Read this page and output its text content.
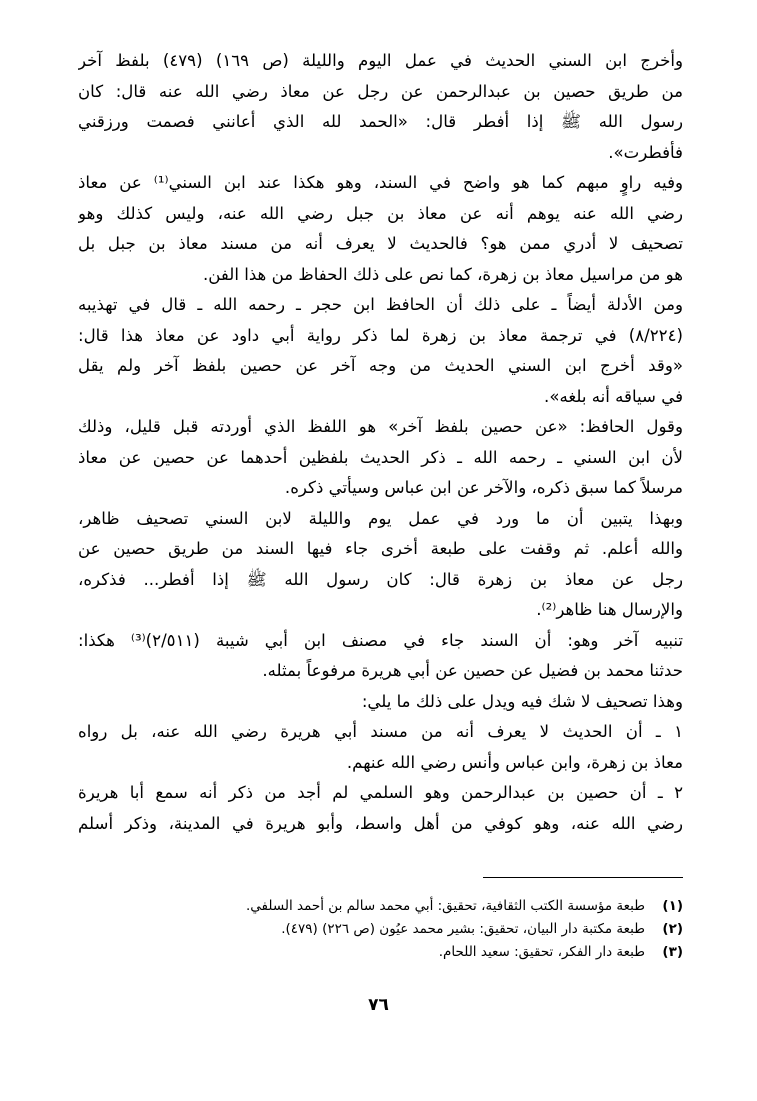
وأخرج ابن السني الحديث في عمل اليوم والليلة (ص ١٦٩) (٤٧٩) بلفظ آخر
من طريق حصين بن عبدالرحمن عن رجل عن معاذ رضي الله عنه قال: كان
رسول الله ﷺ إذا أفطر قال: «الحمد لله الذي أعانني فصمت ورزقني
فأفطرت».
وفيه راوٍ مبهم كما هو واضح في السند، وهو هكذا عند ابن السني⁽¹⁾ عن معاذ
رضي الله عنه يوهم أنه عن معاذ بن جبل رضي الله عنه، وليس كذلك وهو
تصحيف لا أدري ممن هو؟ فالحديث لا يعرف أنه من مسند معاذ بن جبل بل
هو من مراسيل معاذ بن زهرة، كما نص على ذلك الحفاظ من هذا الفن.
ومن الأدلة أيضاً ـ على ذلك أن الحافظ ابن حجر ـ رحمه الله ـ قال في تهذيبه
(٨/٢٢٤) في ترجمة معاذ بن زهرة لما ذكر رواية أبي داود عن معاذ هذا قال:
«وقد أخرج ابن السني الحديث من وجه آخر عن حصين بلفظ آخر ولم يقل
في سياقه أنه بلغه».
وقول الحافظ: «عن حصين بلفظ آخر» هو اللفظ الذي أوردته قبل قليل، وذلك
لأن ابن السني ـ رحمه الله ـ ذكر الحديث بلفظين أحدهما عن حصين عن معاذ
مرسلاً كما سبق ذكره، والآخر عن ابن عباس وسيأتي ذكره.
وبهذا يتبين أن ما ورد في عمل يوم والليلة لابن السني تصحيف ظاهر،
والله أعلم. ثم وقفت على طبعة أخرى جاء فيها السند من طريق حصين عن
رجل عن معاذ بن زهرة قال: كان رسول الله ﷺ إذا أفطر... فذكره،
والإرسال هنا ظاهر⁽²⁾.
تنبيه آخر وهو: أن السند جاء في مصنف ابن أبي شيبة (٢/٥١١)⁽³⁾ هكذا:
حدثنا محمد بن فضيل عن حصين عن أبي هريرة مرفوعاً بمثله.
وهذا تصحيف لا شك فيه ويدل على ذلك ما يلي:
١ ـ أن الحديث لا يعرف أنه من مسند أبي هريرة رضي الله عنه، بل رواه
معاذ بن زهرة، وابن عباس وأنس رضي الله عنهم.
٢ ـ أن حصين بن عبدالرحمن وهو السلمي لم أجد من ذكر أنه سمع أبا هريرة
رضي الله عنه، وهو كوفي من أهل واسط، وأبو هريرة في المدينة، وذكر أسلم
(١)طبعة مؤسسة الكتب الثقافية، تحقيق: أبي محمد سالم بن أحمد السلفي.
(٢)طبعة مكتبة دار البيان، تحقيق: بشير محمد عيُون (ص ٢٢٦) (٤٧٩).
(٣)طبعة دار الفكر، تحقيق: سعيد اللحام.
٧٦
